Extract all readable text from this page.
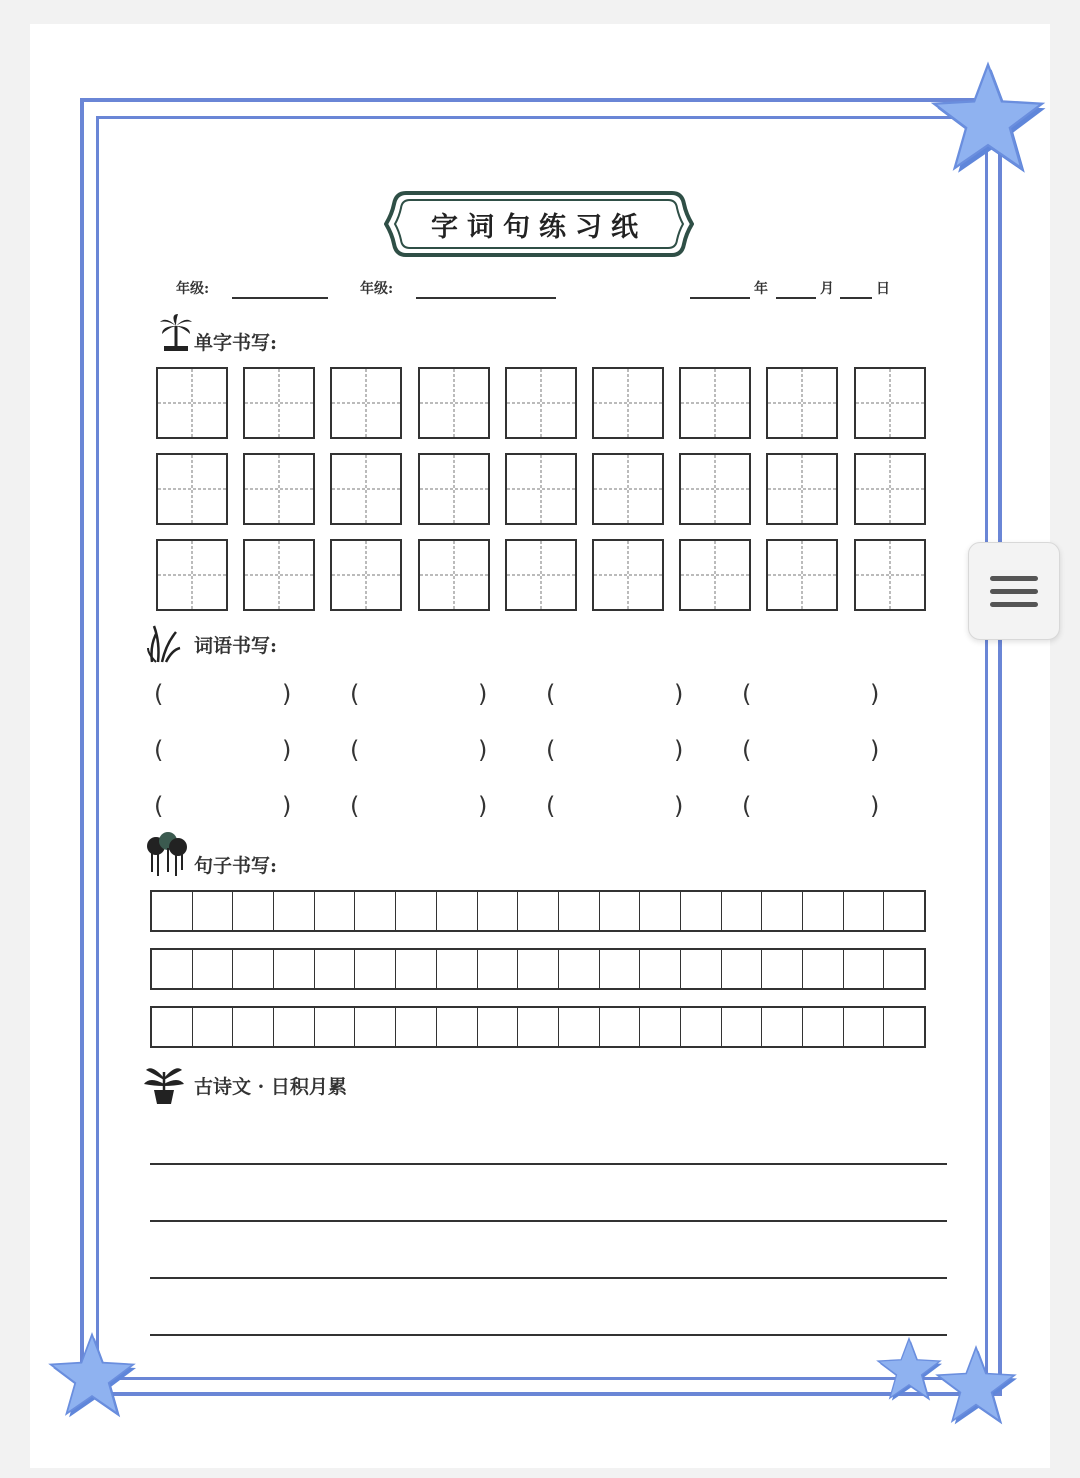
字词句练习纸
年级:	年级:	年	月	日
单字书写:
词语书写:
(	) (	) (	) (	)
(	) (	) (	) (	)
(	) (	) (	) (	)
句子书写:
古诗文 · 日积月累
